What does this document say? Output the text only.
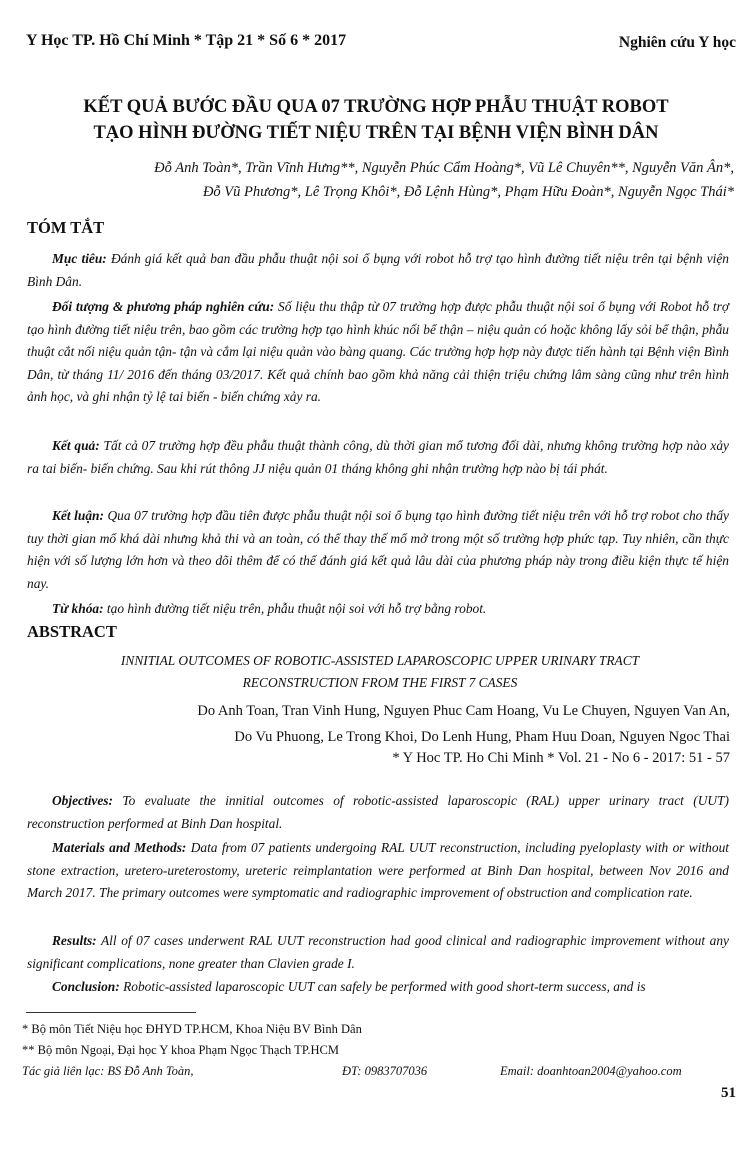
Y Học TP. Hồ Chí Minh * Tập 21 * Số 6 * 2017	Nghiên cứu Y học
KẾT QUẢ BƯỚC ĐẦU QUA 07 TRƯỜNG HỢP PHẪU THUẬT ROBOT
TẠO HÌNH ĐƯỜNG TIẾT NIỆU TRÊN TẠI BỆNH VIỆN BÌNH DÂN
Đỗ Anh Toàn*, Trần Vĩnh Hưng**, Nguyễn Phúc Cẩm Hoàng*, Vũ Lê Chuyên**, Nguyễn Văn Ân*,
Đỗ Vũ Phương*, Lê Trọng Khôi*, Đỗ Lệnh Hùng*, Phạm Hữu Đoàn*, Nguyễn Ngọc Thái*
TÓM TẮT
Mục tiêu: Đánh giá kết quả ban đầu phẫu thuật nội soi ổ bụng với robot hỗ trợ tạo hình đường tiết niệu trên tại bệnh viện Bình Dân.
Đối tượng & phương pháp nghiên cứu: Số liệu thu thập từ 07 trường hợp được phẫu thuật nội soi ổ bụng với Robot hỗ trợ tạo hình đường tiết niệu trên, bao gồm các trường hợp tạo hình khúc nối bể thận – niệu quản có hoặc không lấy sỏi bể thận, phẫu thuật cắt nối niệu quản tận- tận và cắm lại niệu quản vào bàng quang. Các trường hợp hợp này được tiến hành tại Bệnh viện Bình Dân, từ tháng 11/ 2016 đến tháng 03/2017. Kết quả chính bao gồm khả năng cải thiện triệu chứng lâm sàng cũng như trên hình ảnh học, và ghi nhận tỷ lệ tai biến - biến chứng xảy ra.
Kết quả: Tất cả 07 trường hợp đều phẫu thuật thành công, dù thời gian mổ tương đối dài, nhưng không trường hợp nào xảy ra tai biến- biến chứng. Sau khi rút thông JJ niệu quản 01 tháng không ghi nhận trường hợp nào bị tái phát.
Kết luận: Qua 07 trường hợp đầu tiên được phẫu thuật nội soi ổ bụng tạo hình đường tiết niệu trên với hỗ trợ robot cho thấy tuy thời gian mổ khá dài nhưng khả thi và an toàn, có thể thay thế mổ mở trong một số trường hợp phức tạp. Tuy nhiên, cần thực hiện với số lượng lớn hơn và theo dõi thêm để có thể đánh giá kết quả lâu dài của phương pháp này trong điều kiện thực tế hiện nay.
Từ khóa: tạo hình đường tiết niệu trên, phẫu thuật nội soi với hỗ trợ bằng robot.
ABSTRACT
INNITIAL OUTCOMES OF ROBOTIC-ASSISTED LAPAROSCOPIC UPPER URINARY TRACT
RECONSTRUCTION FROM THE FIRST 7 CASES
Do Anh Toan, Tran Vinh Hung, Nguyen Phuc Cam Hoang, Vu Le Chuyen, Nguyen Van An,
Do Vu Phuong, Le Trong Khoi, Do Lenh Hung, Pham Huu Doan, Nguyen Ngoc Thai
* Y Hoc TP. Ho Chi Minh * Vol. 21 - No 6 - 2017: 51 - 57
Objectives: To evaluate the innitial outcomes of robotic-assisted laparoscopic (RAL) upper urinary tract (UUT) reconstruction performed at Binh Dan hospital.
Materials and Methods: Data from 07 patients undergoing RAL UUT reconstruction, including pyeloplasty with or without stone extraction, uretero-ureterostomy, ureteric reimplantation were performed at Binh Dan hospital, between Nov 2016 and March 2017. The primary outcomes were symptomatic and radiographic improvement of obstruction and complication rate.
Results: All of 07 cases underwent RAL UUT reconstruction had good clinical and radiographic improvement without any significant complications, none greater than Clavien grade I.
Conclusion: Robotic-assisted laparoscopic UUT can safely be performed with good short-term success, and is
* Bộ môn Tiết Niệu học ĐHYD TP.HCM, Khoa Niệu BV Bình Dân
** Bộ môn Ngoại, Đại học Y khoa Phạm Ngọc Thạch TP.HCM
Tác giả liên lạc: BS Đỗ Anh Toàn,	ĐT: 0983707036	Email: doanhtoan2004@yahoo.com
51
